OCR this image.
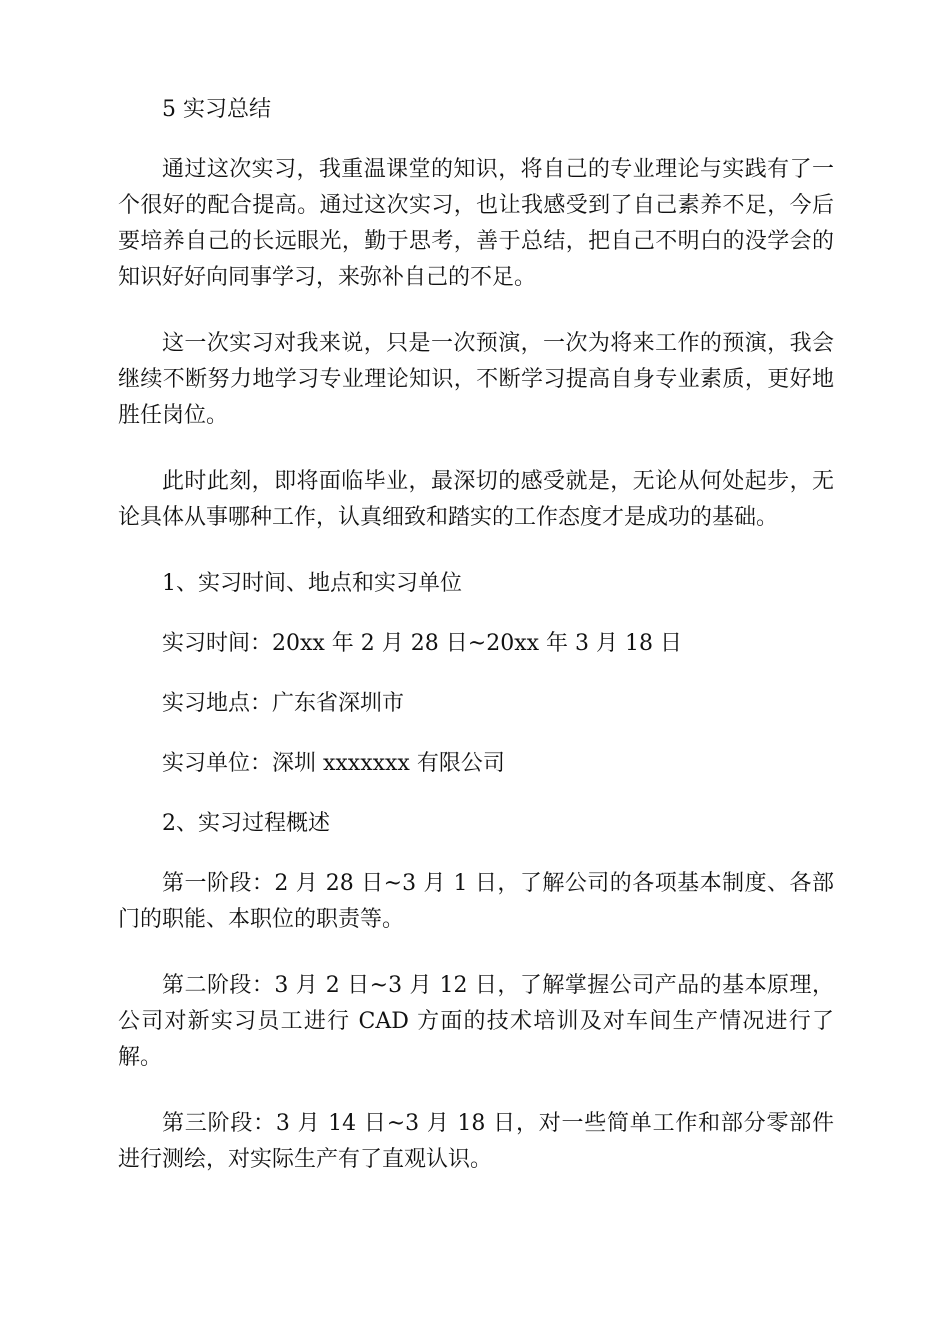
5 实习总结

通过这次实习，我重温课堂的知识，将自己的专业理论与实践有了一个很好的配合提高。通过这次实习，也让我感受到了自己素养不足，今后要培养自己的长远眼光，勤于思考，善于总结，把自己不明白的没学会的知识好好向同事学习，来弥补自己的不足。

这一次实习对我来说，只是一次预演，一次为将来工作的预演，我会继续不断努力地学习专业理论知识，不断学习提高自身专业素质，更好地胜任岗位。

此时此刻，即将面临毕业，最深切的感受就是，无论从何处起步，无论具体从事哪种工作，认真细致和踏实的工作态度才是成功的基础。

1、实习时间、地点和实习单位

实习时间：20xx 年 2 月 28 日~20xx 年 3 月 18 日

实习地点：广东省深圳市

实习单位：深圳 xxxxxxx 有限公司

2、实习过程概述

第一阶段：2 月 28 日~3 月 1 日，了解公司的各项基本制度、各部门的职能、本职位的职责等。

第二阶段：3 月 2 日~3 月 12 日，了解掌握公司产品的基本原理，公司对新实习员工进行 CAD 方面的技术培训及对车间生产情况进行了解。

第三阶段：3 月 14 日~3 月 18 日，对一些简单工作和部分零部件进行测绘，对实际生产有了直观认识。
